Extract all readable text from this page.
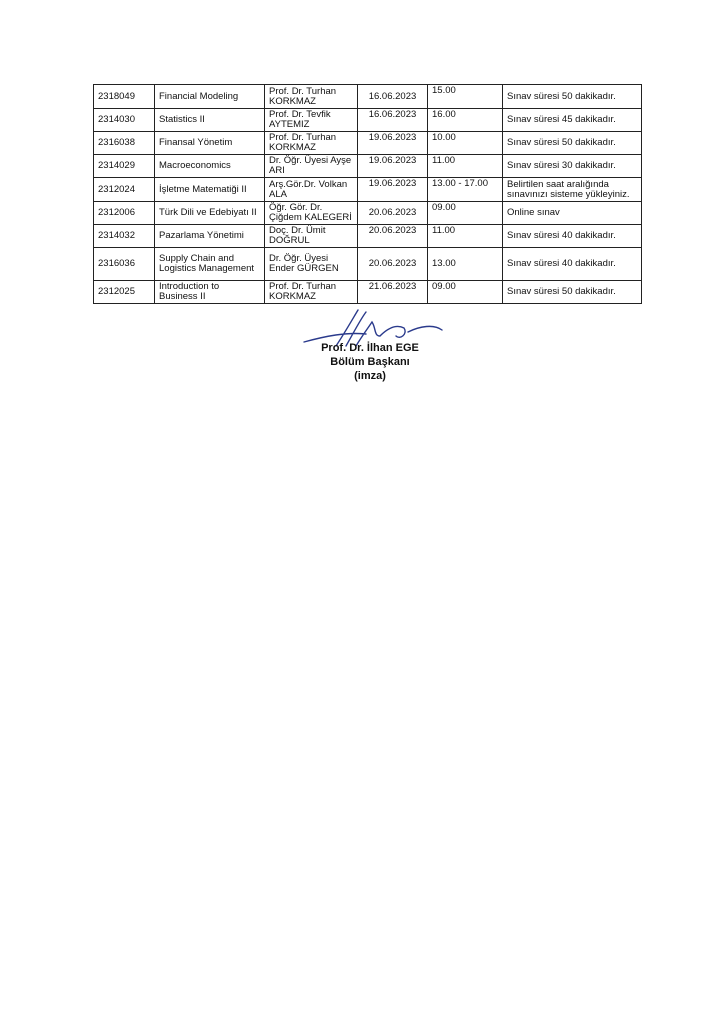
2318049	Financial Modeling	Prof. Dr. Turhan KORKMAZ	16.06.2023	15.00	Sınav süresi 50 dakikadır.
2314030	Statistics II	Prof. Dr. Tevfik AYTEMIZ	16.06.2023	16.00	Sınav süresi 45 dakikadır.
2316038	Finansal Yönetim	Prof. Dr. Turhan KORKMAZ	19.06.2023	10.00	Sınav süresi 50 dakikadır.
2314029	Macroeconomics	Dr. Öğr. Üyesi Ayşe ARI	19.06.2023	11.00	Sınav süresi 30 dakikadır.
2312024	İşletme Matematiği II	Arş.Gör.Dr. Volkan ALA	19.06.2023	13.00 - 17.00	Belirtilen saat aralığında sınavınızı sisteme yükleyiniz.
2312006	Türk Dili ve Edebiyatı II	Öğr. Gör. Dr. Çiğdem KALEGERİ	20.06.2023	09.00	Online sınav
2314032	Pazarlama Yönetimi	Doç. Dr. Ümit DOĞRUL	20.06.2023	11.00	Sınav süresi 40 dakikadır.
2316036	Supply Chain and Logistics Management	Dr. Öğr. Üyesi Ender GÜRGEN	20.06.2023	13.00	Sınav süresi 40 dakikadır.
2312025	Introduction to Business II	Prof. Dr. Turhan KORKMAZ	21.06.2023	09.00	Sınav süresi 50 dakikadır.
Prof. Dr. İlhan EGE
Bölüm Başkanı
(imza)
